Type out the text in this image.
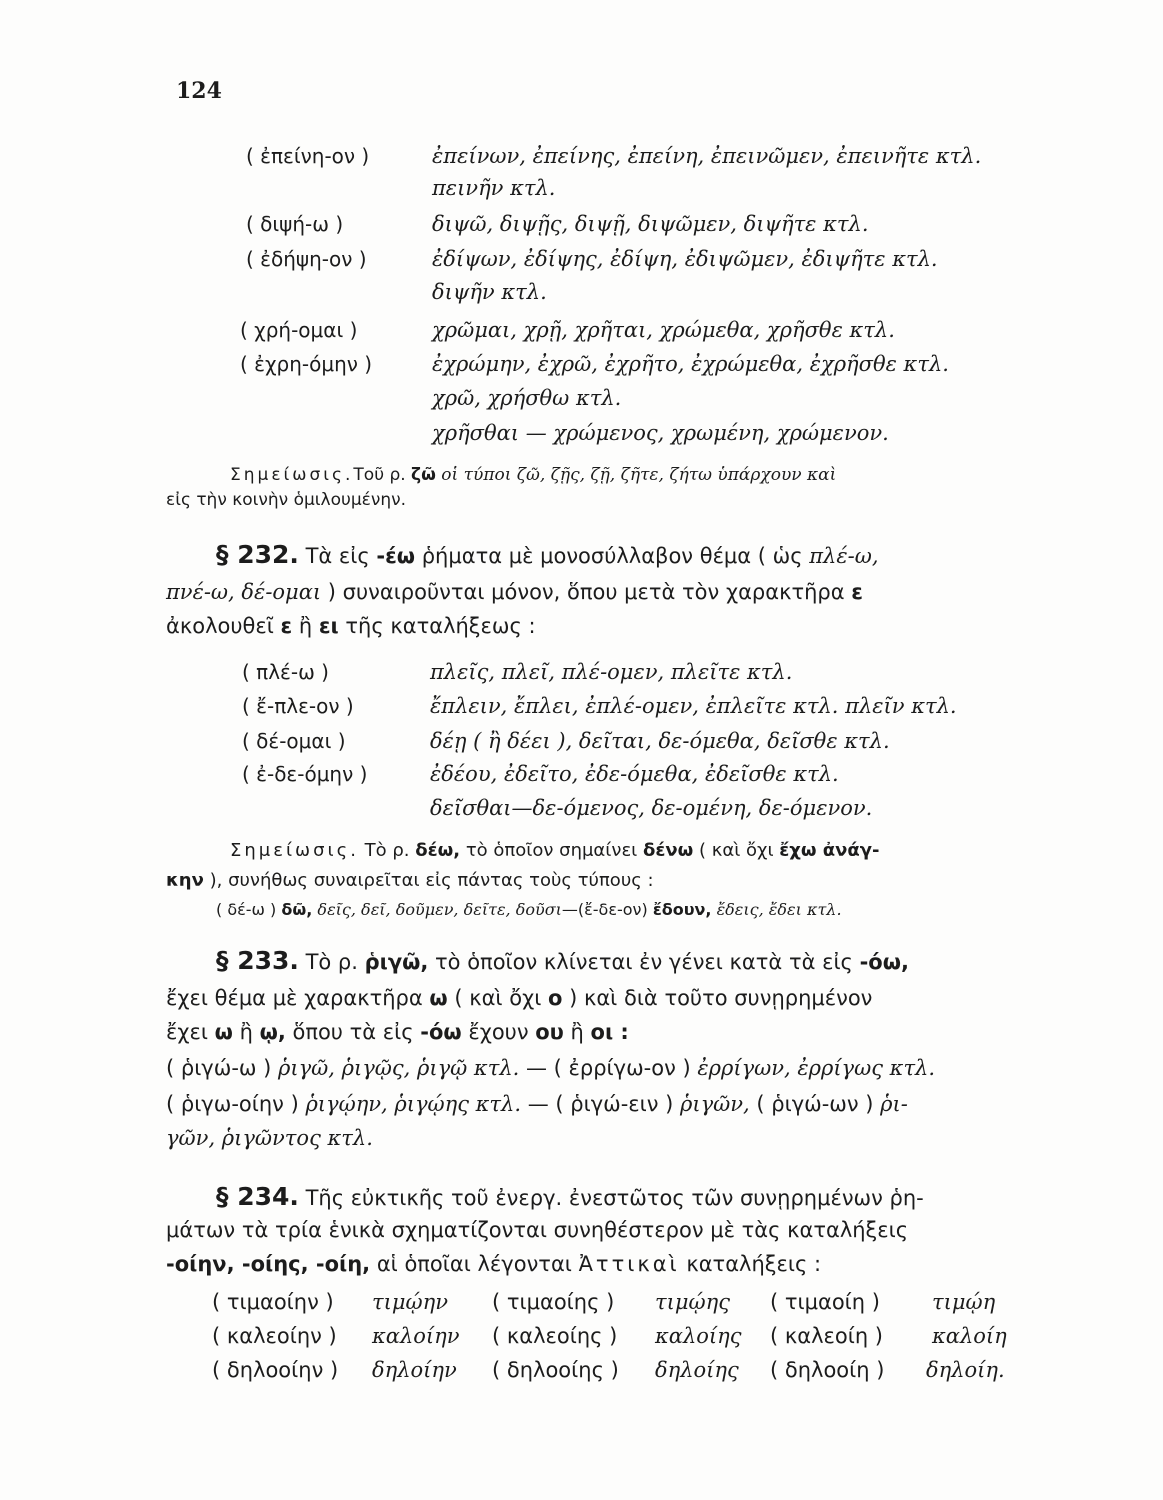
124
( ἐπείνη-ον )	ἐπείνων, ἐπείνης, ἐπείνη, ἐπεινῶμεν, ἐπεινῆτε κτλ.
πεινῆν κτλ.
( διψή-ω )	διψῶ, διψῇς, διψῇ, διψῶμεν, διψῆτε κτλ.
( ἐδήψη-ον )	ἐδίψων, ἐδίψης, ἐδίψη, ἐδιψῶμεν, ἐδιψῆτε κτλ.
διψῆν κτλ.
( χρή-ομαι )	χρῶμαι, χρῇ, χρῆται, χρώμεθα, χρῆσθε κτλ.
( ἐχρη-όμην )	ἐχρώμην, ἐχρῶ, ἐχρῆτο, ἐχρώμεθα, ἐχρῆσθε κτλ.
χρῶ, χρήσθω κτλ.
χρῆσθαι — χρώμενος, χρωμένη, χρώμενον.
Σημείωσις.Τοῦ ρ. ζῶ οἱ τύποι ζῶ, ζῇς, ζῇ, ζῆτε, ζήτω ὑπάρχουν καὶ
εἰς τὴν κοινὴν ὁμιλουμένην.
§ 232. Τὰ εἰς -έω ῥήματα μὲ μονοσύλλαβον θέμα ( ὡς πλέ-ω,
πνέ-ω, δέ-ομαι ) συναιροῦνται μόνον, ὅπου μετὰ τὸν χαρακτῆρα ε
ἀκολουθεῖ ε ἢ ει τῆς καταλήξεως :
( πλέ-ω )	πλεῖς, πλεῖ, πλέ-ομεν, πλεῖτε κτλ.
( ἔ-πλε-ον )	ἔπλειν, ἔπλει, ἐπλέ-ομεν, ἐπλεῖτε κτλ. πλεῖν κτλ.
( δέ-ομαι )	δέῃ ( ἢ δέει ), δεῖται, δε-όμεθα, δεῖσθε κτλ.
( ἐ-δε-όμην )	ἐδέου, ἐδεῖτο, ἐδε-όμεθα, ἐδεῖσθε κτλ.
δεῖσθαι—δε-όμενος, δε-ομένη, δε-όμενον.
Σημείωσις. Τὸ ρ. δέω, τὸ ὁποῖον σημαίνει δένω ( καὶ ὄχι ἔχω ἀνάγ-
κην ), συνήθως συναιρεῖται εἰς πάντας τοὺς τύπους :
( δέ-ω ) δῶ, δεῖς, δεῖ, δοῦμεν, δεῖτε, δοῦσι—(ἔ-δε-ον) ἔδουν, ἔδεις, ἔδει κτλ.
§ 233. Τὸ ρ. ῥιγῶ, τὸ ὁποῖον κλίνεται ἐν γένει κατὰ τὰ εἰς -όω,
ἔχει θέμα μὲ χαρακτῆρα ω ( καὶ ὄχι ο ) καὶ διὰ τοῦτο συνῃρημένον
ἔχει ω ἢ ῳ, ὅπου τὰ εἰς -όω ἔχουν ου ἢ οι :
( ῥιγώ-ω ) ῥιγῶ, ῥιγῷς, ῥιγῷ κτλ. — ( ἐρρίγω-ον ) ἐρρίγων, ἐρρίγως κτλ.
( ῥιγω-οίην ) ῥιγῴην, ῥιγῴης κτλ. — ( ῥιγώ-ειν ) ῥιγῶν, ( ῥιγώ-ων ) ῥι-
γῶν, ῥιγῶντος κτλ.
§ 234. Τῆς εὐκτικῆς τοῦ ἐνεργ. ἐνεστῶτος τῶν συνῃρημένων ῥη-
μάτων τὰ τρία ἑνικὰ σχηματίζονται συνηθέστερον μὲ τὰς καταλήξεις
-οίην, -οίης, -οίη, αἱ ὁποῖαι λέγονται Ἀττικαὶ καταλήξεις :
( τιμαοίην ) τιμῴην ( τιμαοίης ) τιμῴης ( τιμαοίη ) τιμῴη
( καλεοίην ) καλοίην ( καλεοίης ) καλοίης ( καλεοίη ) καλοίη
( δηλοοίην ) δηλοίην ( δηλοοίης ) δηλοίης ( δηλοοίη ) δηλοίη.
